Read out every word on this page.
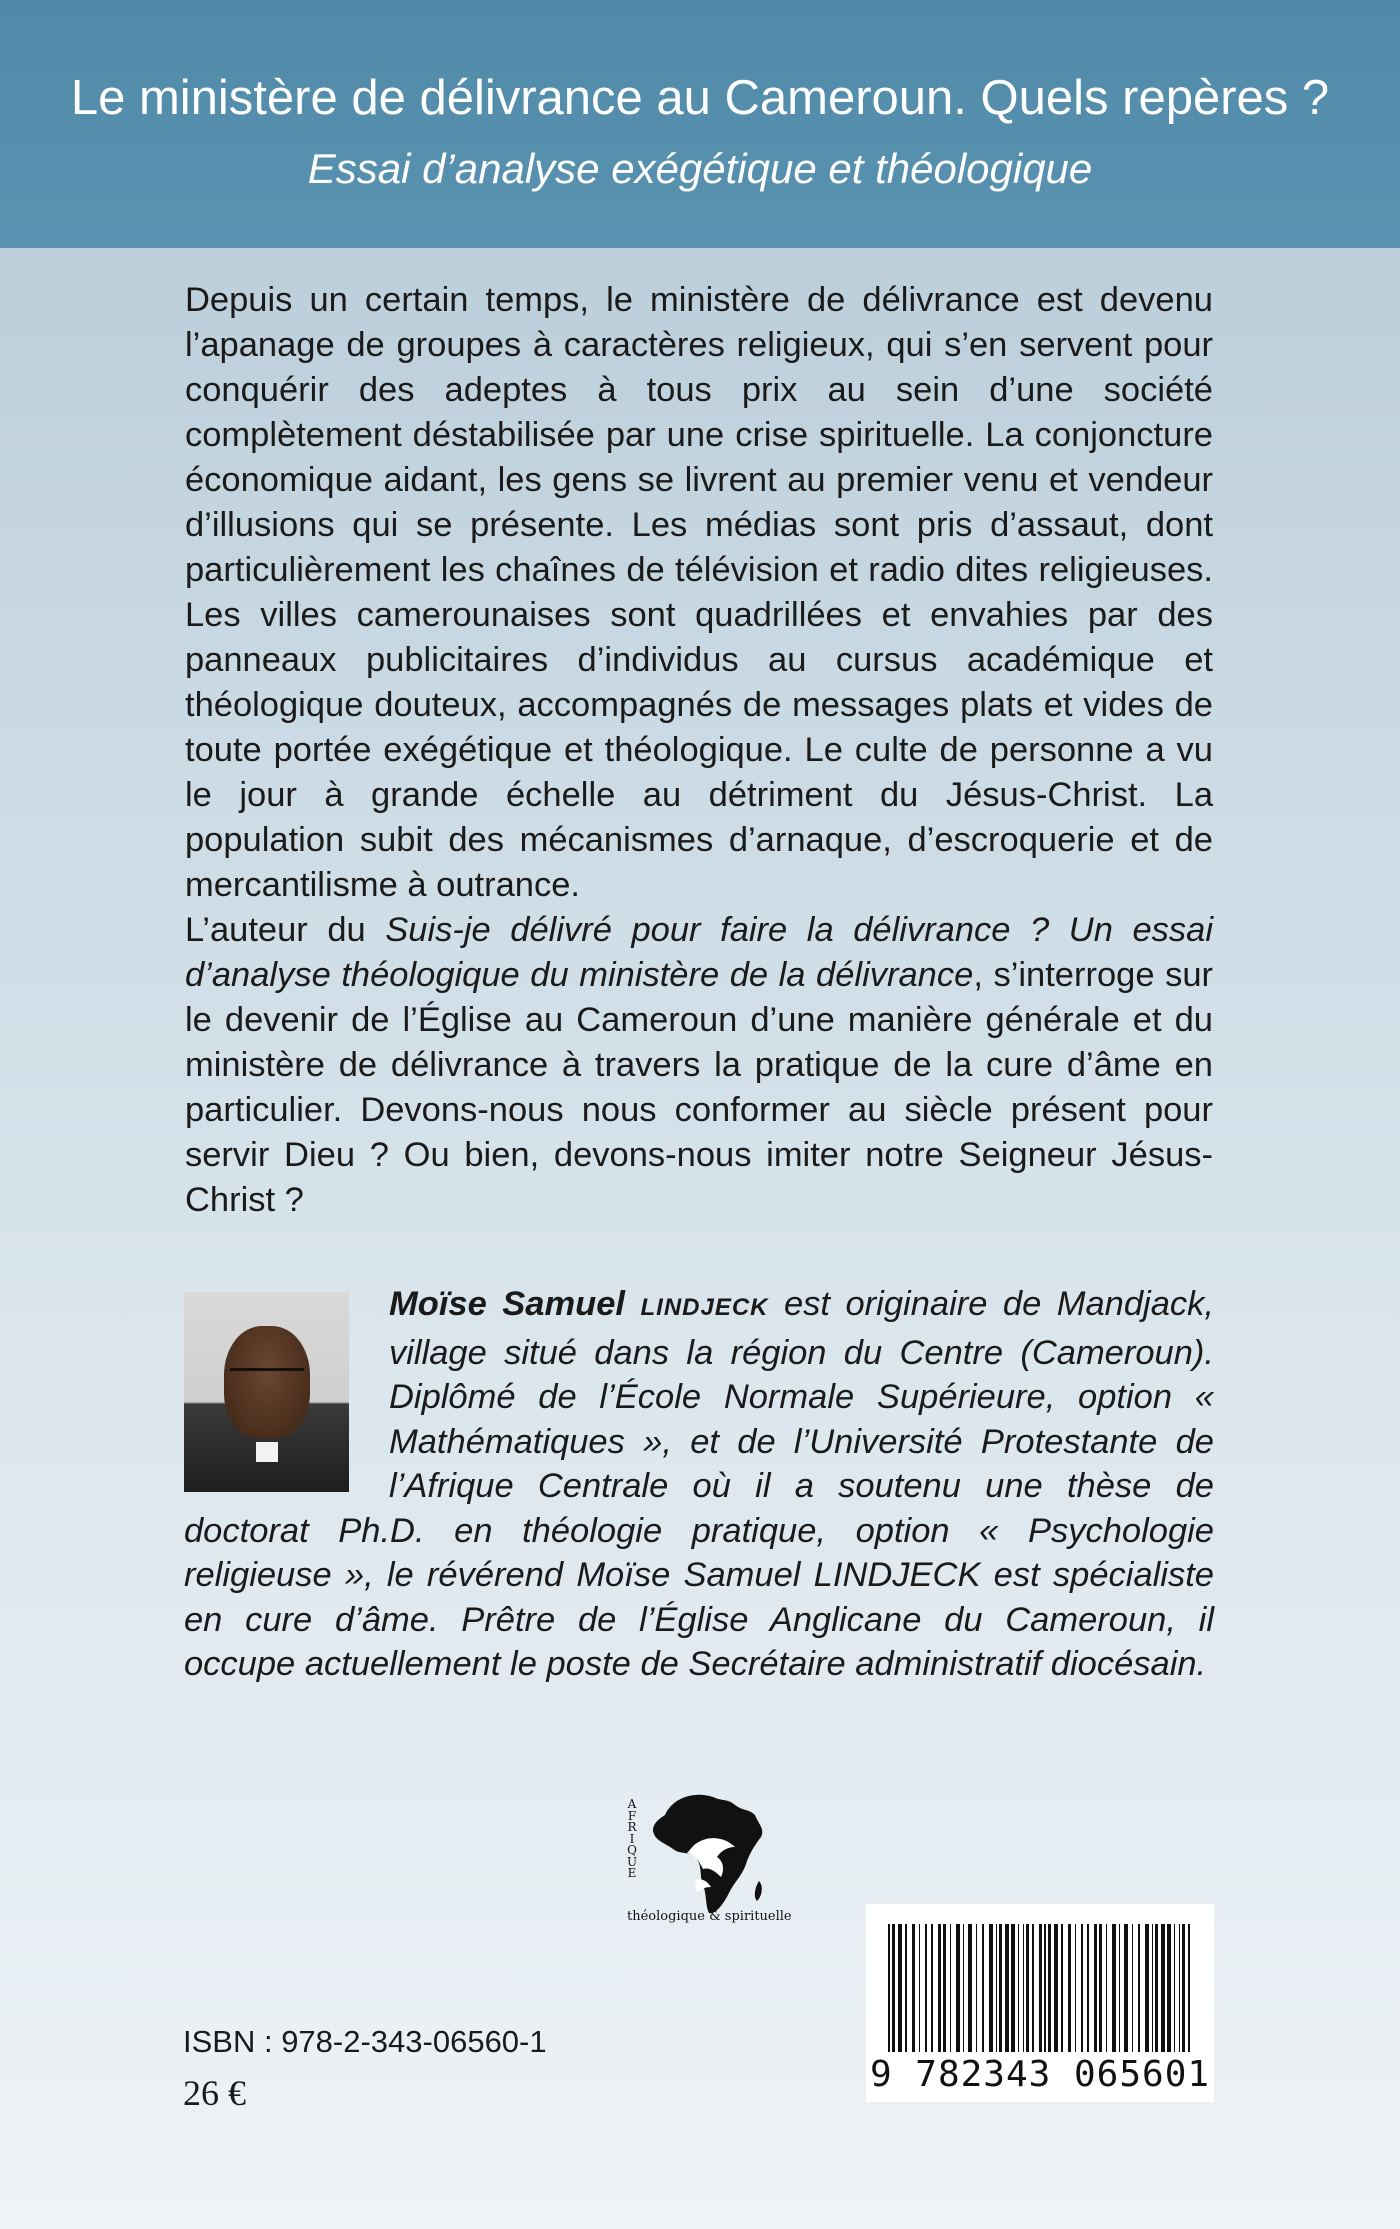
Le ministère de délivrance au Cameroun. Quels repères ?
Essai d’analyse exégétique et théologique

Depuis un certain temps, le ministère de délivrance est devenu l’apanage de groupes à caractères religieux, qui s’en servent pour conquérir des adeptes à tous prix au sein d’une société complètement déstabilisée par une crise spirituelle. La conjoncture économique aidant, les gens se livrent au premier venu et vendeur d’illusions qui se présente. Les médias sont pris d’assaut, dont particulièrement les chaînes de télévision et radio dites religieuses. Les villes camerounaises sont quadrillées et envahies par des panneaux publicitaires d’individus au cursus académique et théologique douteux, accompagnés de messages plats et vides de toute portée exégétique et théologique. Le culte de personne a vu le jour à grande échelle au détriment du Jésus-Christ. La population subit des mécanismes d’arnaque, d’escroquerie et de mercantilisme à outrance.

L’auteur du Suis-je délivré pour faire la délivrance ? Un essai d’analyse théologique du ministère de la délivrance, s’interroge sur le devenir de l’Église au Cameroun d’une manière générale et du ministère de délivrance à travers la pratique de la cure d’âme en particulier. Devons-nous nous conformer au siècle présent pour servir Dieu ? Ou bien, devons-nous imiter notre Seigneur Jésus-Christ ?

Moïse Samuel LINDJECK est originaire de Mandjack, village situé dans la région du Centre (Cameroun). Diplômé de l’École Normale Supérieure, option « Mathématiques », et de l’Université Protestante de l’Afrique Centrale où il a soutenu une thèse de doctorat Ph.D. en théologie pratique, option « Psychologie religieuse », le révérend Moïse Samuel LINDJECK est spécialiste en cure d’âme. Prêtre de l’Église Anglicane du Cameroun, il occupe actuellement le poste de Secrétaire administratif diocésain.
A
F
R
I
Q
U
E
théologique & spirituelle
ISBN : 978-2-343-06560-1
26 €	9 782343 065601
